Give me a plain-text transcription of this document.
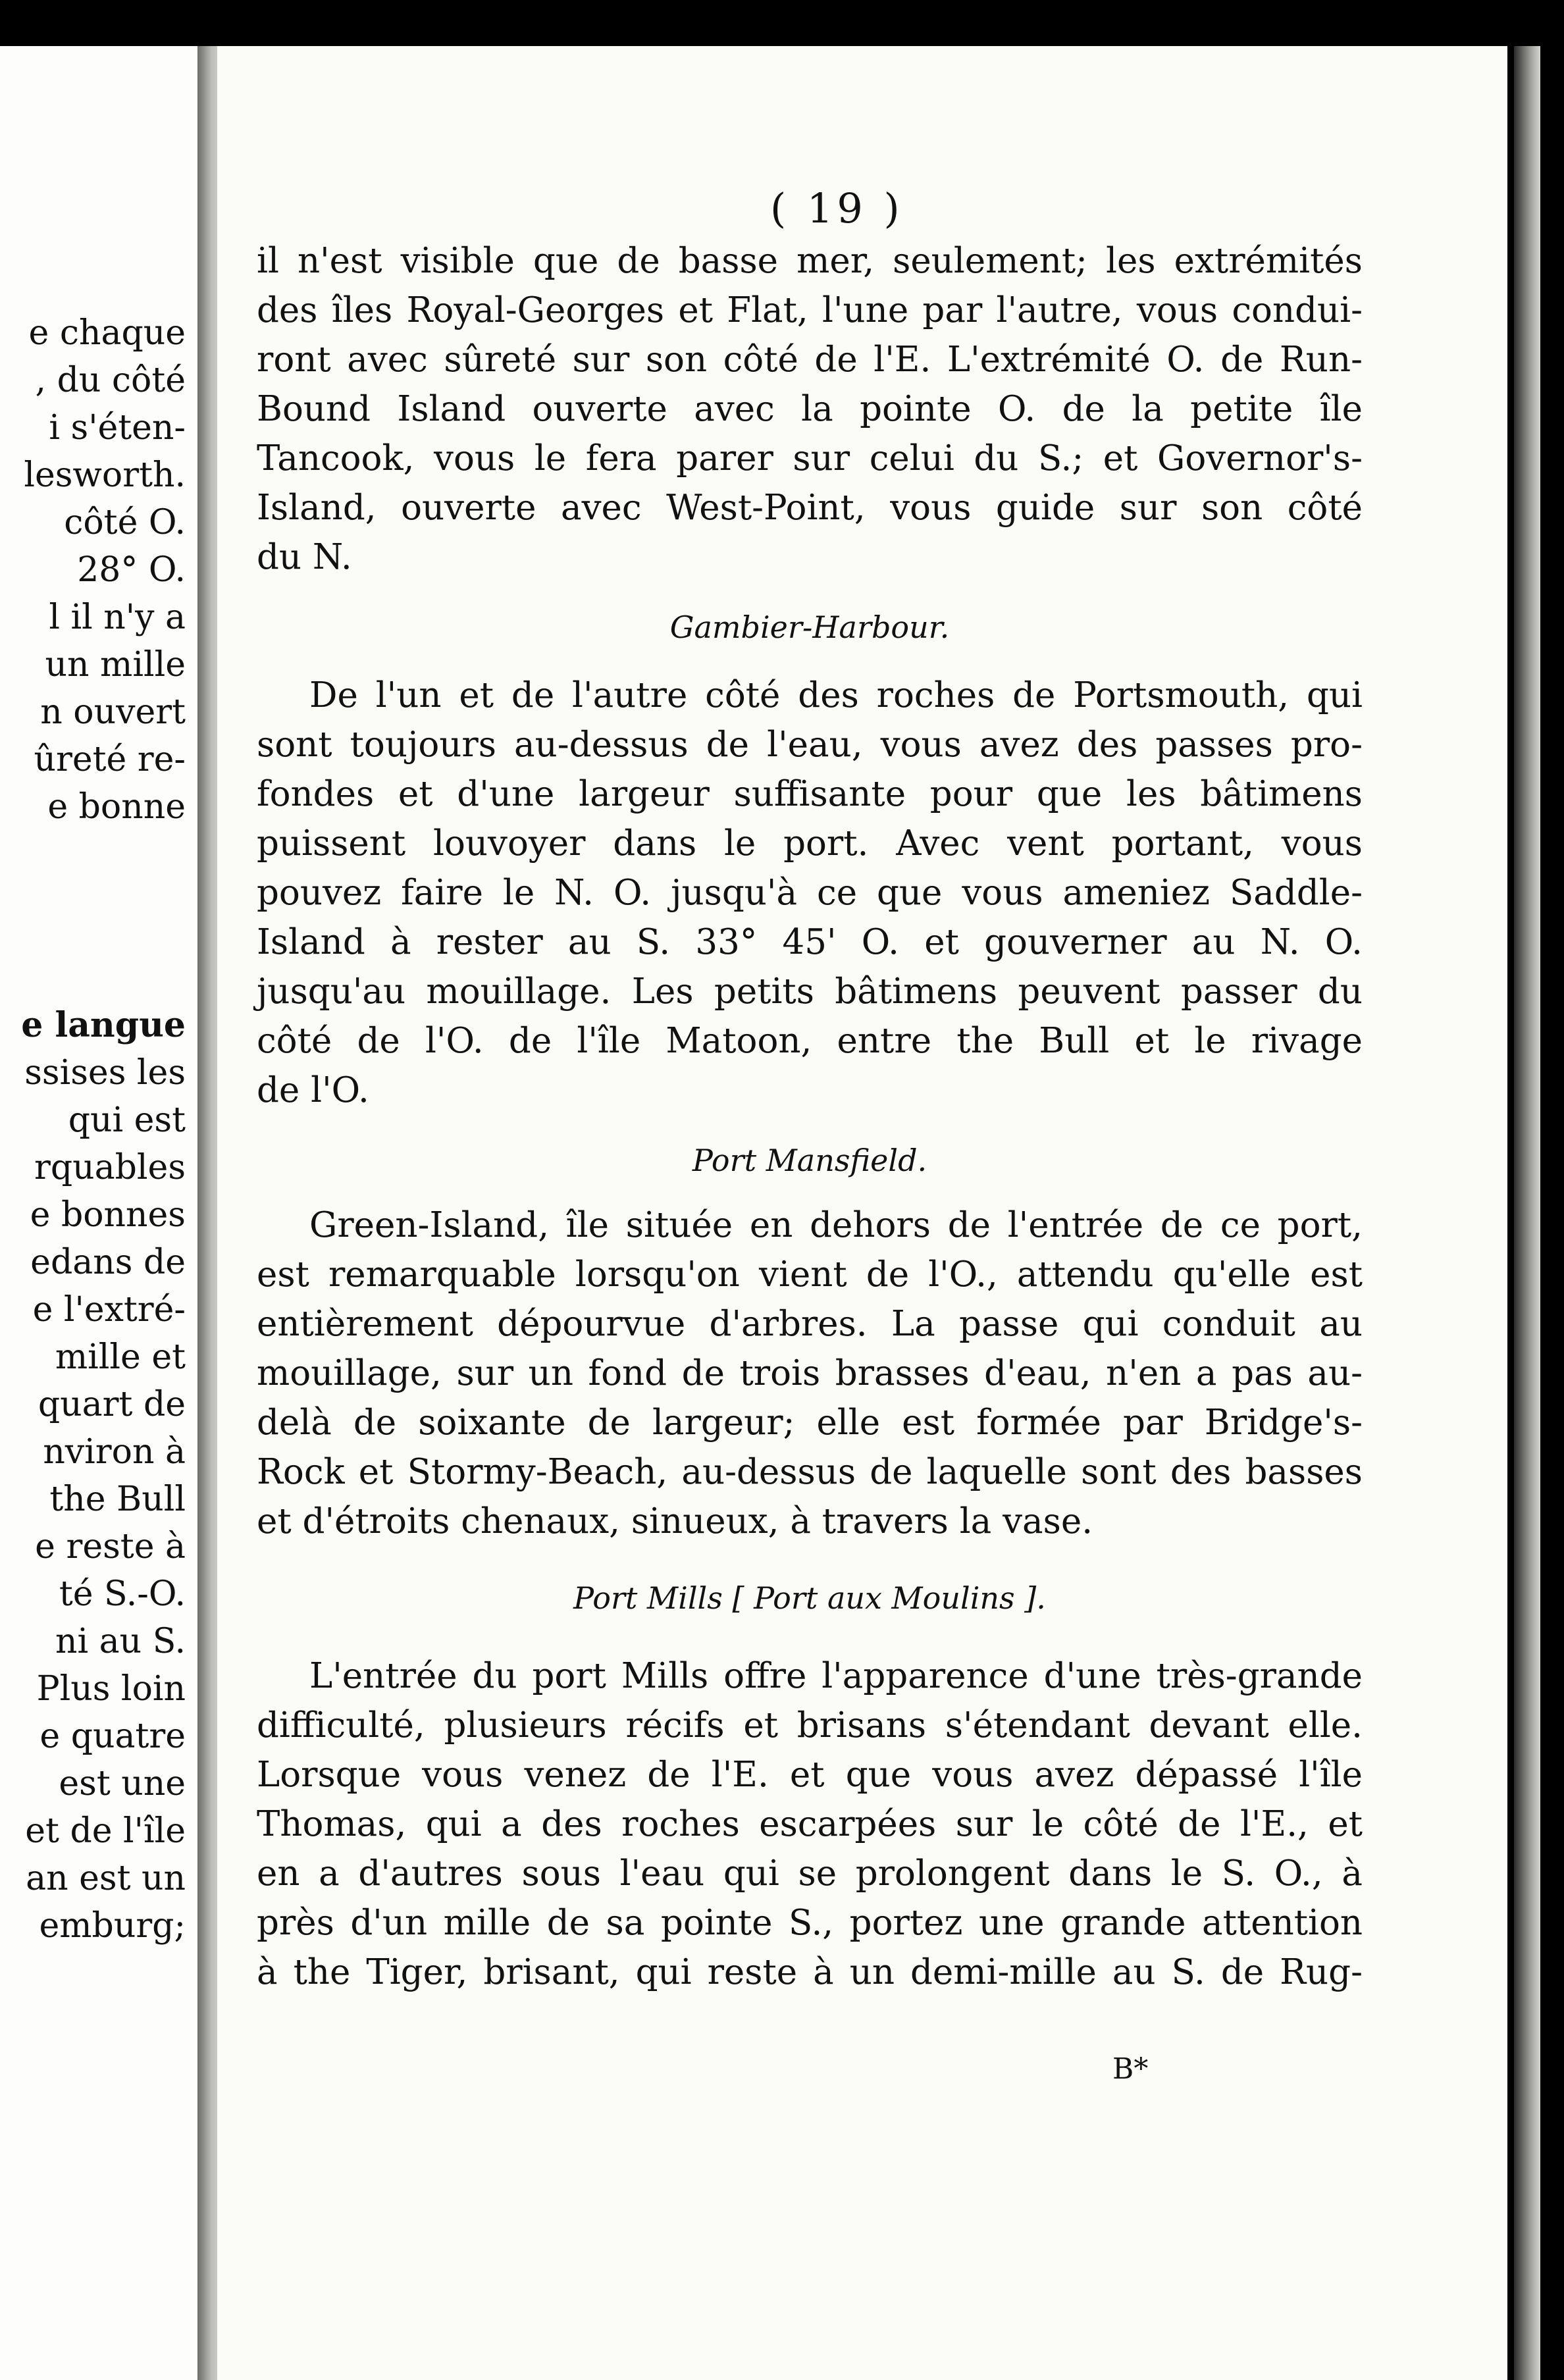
e chaque

, du côté

i s'éten-

lesworth.

côté O.

28° O.

l il n'y a

un mille

n ouvert

ûreté re-

e bonne

e langue

ssises les

qui est

rquables

e bonnes

edans de

e l'extré-

mille et

quart de

nviron à

the Bull

e reste à

té S.-O.

ni au S.

Plus loin

e quatre

est une

et de l'île

an est un

emburg;

( 19 )

il n'est visible que de basse mer, seulement; les extrémités

des îles Royal-Georges et Flat, l'une par l'autre, vous condui-

ront avec sûreté sur son côté de l'E. L'extrémité O. de Run-

Bound Island ouverte avec la pointe O. de la petite île

Tancook, vous le fera parer sur celui du S.; et Governor's-

Island, ouverte avec West-Point, vous guide sur son côté

du N.

Gambier-Harbour.

De l'un et de l'autre côté des roches de Portsmouth, qui

sont toujours au-dessus de l'eau, vous avez des passes pro-

fondes et d'une largeur suffisante pour que les bâtimens

puissent louvoyer dans le port. Avec vent portant, vous

pouvez faire le N. O. jusqu'à ce que vous ameniez Saddle-

Island à rester au S. 33° 45' O. et gouverner au N. O.

jusqu'au mouillage. Les petits bâtimens peuvent passer du

côté de l'O. de l'île Matoon, entre the Bull et le rivage

de l'O.

Port Mansfield.

Green-Island, île située en dehors de l'entrée de ce port,

est remarquable lorsqu'on vient de l'O., attendu qu'elle est

entièrement dépourvue d'arbres. La passe qui conduit au

mouillage, sur un fond de trois brasses d'eau, n'en a pas au-

delà de soixante de largeur; elle est formée par Bridge's-

Rock et Stormy-Beach, au-dessus de laquelle sont des basses

et d'étroits chenaux, sinueux, à travers la vase.

Port Mills [ Port aux Moulins ].

L'entrée du port Mills offre l'apparence d'une très-grande

difficulté, plusieurs récifs et brisans s'étendant devant elle.

Lorsque vous venez de l'E. et que vous avez dépassé l'île

Thomas, qui a des roches escarpées sur le côté de l'E., et

en a d'autres sous l'eau qui se prolongent dans le S. O., à

près d'un mille de sa pointe S., portez une grande attention

à the Tiger, brisant, qui reste à un demi-mille au S. de Rug-

B*
